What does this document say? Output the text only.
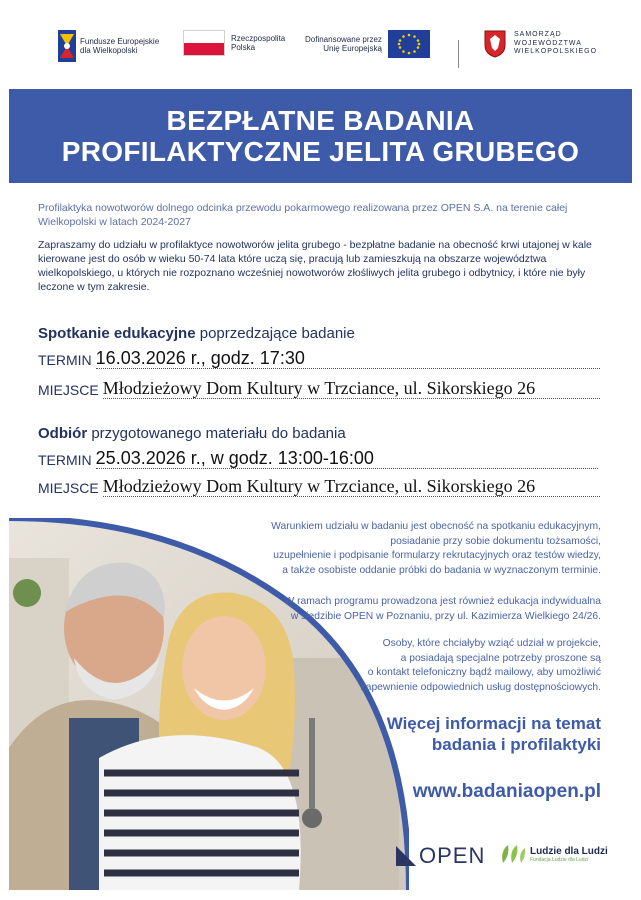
Fundusze Europejskie
dla Wielkopolski
Rzeczpospolita
Polska
Dofinansowane przez
Unię Europejską
SAMORZĄD
WOJEWÓDZTWA
WIELKOPOLSKIEGO
BEZPŁATNE BADANIA
PROFILAKTYCZNE JELITA GRUBEGO
Profilaktyka nowotworów dolnego odcinka przewodu pokarmowego realizowana przez OPEN S.A. na terenie całej Wielkopolski w latach 2024-2027
Zapraszamy do udziału w profilaktyce nowotworów jelita grubego - bezpłatne badanie na obecność krwi utajonej w kale kierowane jest do osób w wieku 50-74 lata które uczą się, pracują lub zamieszkują na obszarze województwa wielkopolskiego, u których nie rozpoznano wcześniej nowotworów złośliwych jelita grubego i odbytnicy, i które nie były leczone w tym zakresie.
Spotkanie edukacyjne poprzedzające badanie
TERMIN 16.03.2026 r., godz. 17:30
MIEJSCE Młodzieżowy Dom Kultury w Trzciance, ul. Sikorskiego 26
Odbiór przygotowanego materiału do badania
TERMIN 25.03.2026 r., w godz. 13:00-16:00
MIEJSCE Młodzieżowy Dom Kultury w Trzciance, ul. Sikorskiego 26
Warunkiem udziału w badaniu jest obecność na spotkaniu edukacyjnym,
posiadanie przy sobie dokumentu tożsamości,
uzupełnienie i podpisanie formularzy rekrutacyjnych oraz testów wiedzy,
a także osobiste oddanie próbki do badania w wyznaczonym terminie.
W ramach programu prowadzona jest również edukacja indywidualna
w siedzibie OPEN w Poznaniu, przy ul. Kazimierza Wielkiego 24/26.
Osoby, które chciałyby wziąć udział w projekcie,
a posiadają specjalne potrzeby proszone są
o kontakt telefoniczny bądź mailowy, aby umożliwić
zapewnienie odpowiednich usług dostępnościowych.
Więcej informacji na temat
badania i profilaktyki
www.badaniaopen.pl
OPEN	Ludzie dla Ludzi
Fundacja Ludzie dla Ludzi
